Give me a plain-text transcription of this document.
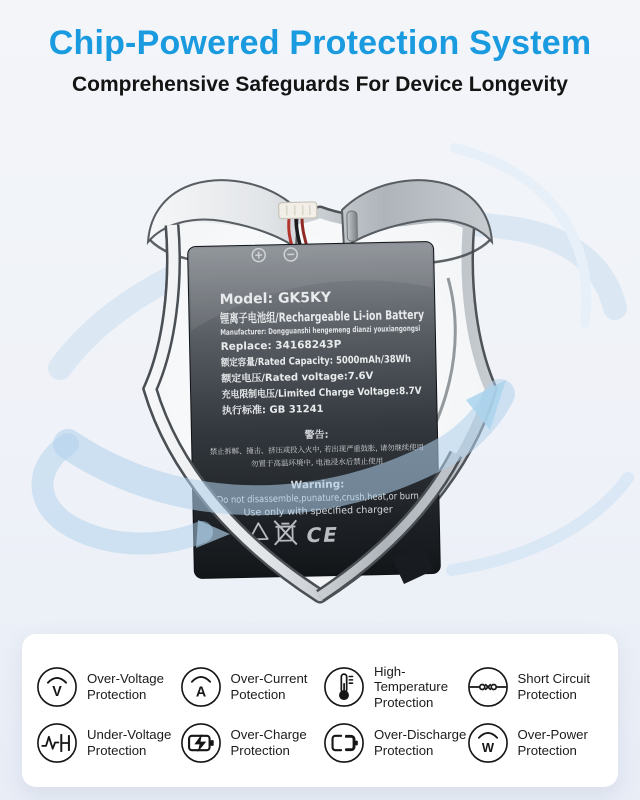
Chip-Powered Protection System
Comprehensive Safeguards For Device Longevity
Model: GK5KY
锂离子电池组/Rechargeable Li-ion Battery
Manufacturer: Dongguanshi hengemeng dianzi youxiangongsi
Replace: 34168243P
额定容量/Rated Capacity: 5000mAh/38Wh
额定电压/Rated voltage:7.6V
充电限制电压/Limited Charge Voltage:8.7V
执行标准: GB 31241
警告:
禁止拆解、撞击、挤压或投入火中, 若出现严重鼓胀, 请勿继续使用
勿置于高温环境中, 电池浸水后禁止使用
Warning:
Do not disassemble,punature,crush,heat,or burn
Use only with specified charger
CE
V
Over-Voltage
Protection	A
Over-Current
Potection
High-Temperature
Protection
Short Circuit
Protection
Under-Voltage
Protection
Over-Charge
Protection
Over-Discharge
Protection	W
Over-Power
Protection
